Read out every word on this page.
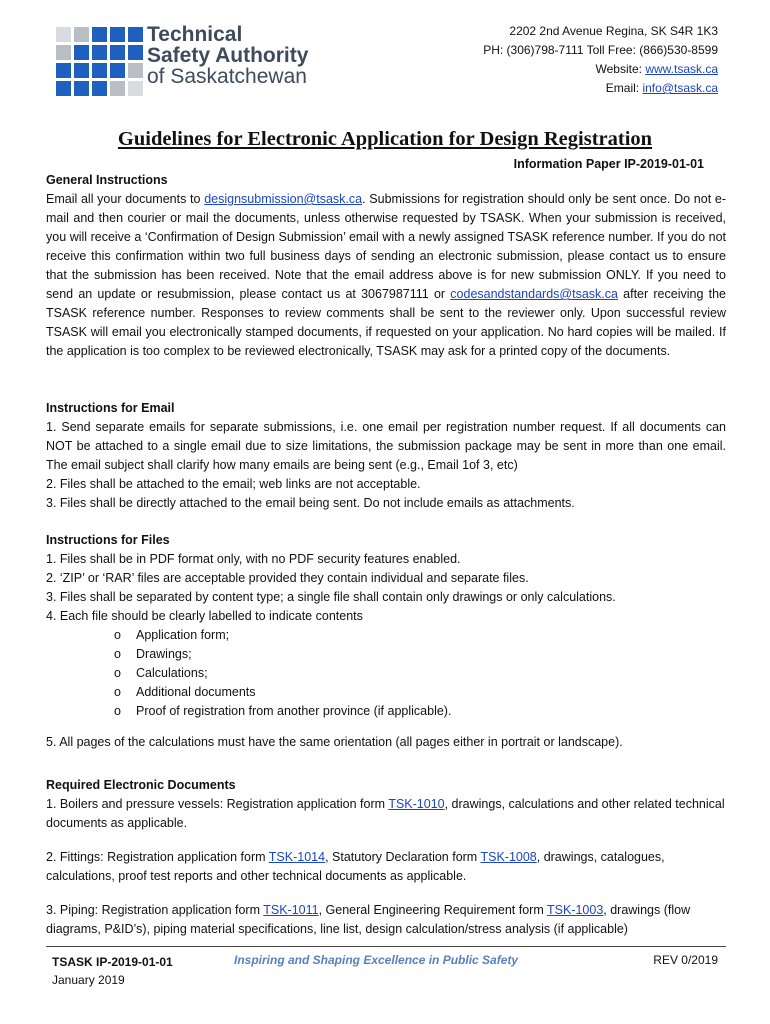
Technical
Safety Authority
of Saskatchewan
2202 2nd Avenue Regina, SK S4R 1K3
PH: (306)798-7111 Toll Free: (866)530-8599
Website: www.tsask.ca
Email: info@tsask.ca
Guidelines for Electronic Application for Design Registration
Information Paper IP-2019-01-01
General Instructions
Email all your documents to designsubmission@tsask.ca. Submissions for registration should only be sent once. Do not e-mail and then courier or mail the documents, unless otherwise requested by TSASK. When your submission is received, you will receive a ‘Confirmation of Design Submission’ email with a newly assigned TSASK reference number. If you do not receive this confirmation within two full business days of sending an electronic submission, please contact us to ensure that the submission has been received. Note that the email address above is for new submission ONLY. If you need to send an update or resubmission, please contact us at 3067987111 or codesandstandards@tsask.ca after receiving the TSASK reference number. Responses to review comments shall be sent to the reviewer only. Upon successful review TSASK will email you electronically stamped documents, if requested on your application. No hard copies will be mailed. If the application is too complex to be reviewed electronically, TSASK may ask for a printed copy of the documents.
Instructions for Email
1. Send separate emails for separate submissions, i.e. one email per registration number request. If all documents can NOT be attached to a single email due to size limitations, the submission package may be sent in more than one email. The email subject shall clarify how many emails are being sent (e.g., Email 1of 3, etc)
2. Files shall be attached to the email; web links are not acceptable.
3. Files shall be directly attached to the email being sent. Do not include emails as attachments.
Instructions for Files
1. Files shall be in PDF format only, with no PDF security features enabled.
2. ‘ZIP’ or ‘RAR’ files are acceptable provided they contain individual and separate files.
3. Files shall be separated by content type; a single file shall contain only drawings or only calculations.
4. Each file should be clearly labelled to indicate contents
o	Application form;
o	Drawings;
o	Calculations;
o	Additional documents
o	Proof of registration from another province (if applicable).
5. All pages of the calculations must have the same orientation (all pages either in portrait or landscape).
Required Electronic Documents
1. Boilers and pressure vessels: Registration application form TSK-1010, drawings, calculations and other related technical documents as applicable.
2. Fittings: Registration application form TSK-1014, Statutory Declaration form TSK-1008, drawings, catalogues, calculations, proof test reports and other technical documents as applicable.
3. Piping: Registration application form TSK-1011, General Engineering Requirement form TSK-1003, drawings (flow diagrams, P&ID’s), piping material specifications, line list, design calculation/stress analysis (if applicable)
TSASK IP-2019-01-01
January 2019
Inspiring and Shaping Excellence in Public Safety	REV 0/2019
